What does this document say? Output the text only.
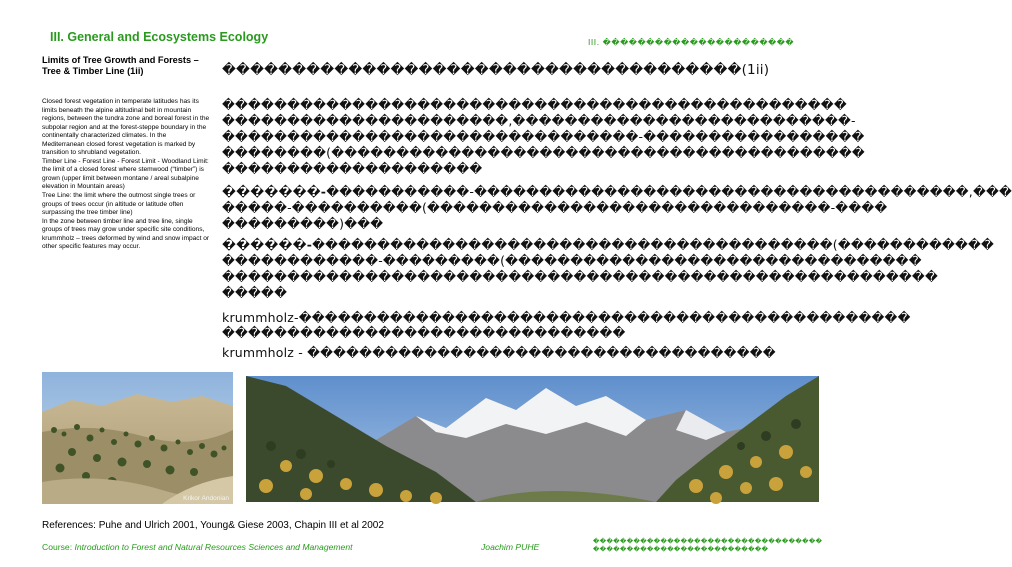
III. General and Ecosystems Ecology	III. ����������������������
Limits of Tree Growth and Forests – Tree & Timber Line (1ii)

Closed forest vegetation in temperate latitudes has its limits beneath the alpine altitudinal belt in mountain regions, between the tundra zone and boreal forest in the subpolar region and at the forest-steppe boundary in the continentally characterized climates. In the Mediterranean closed forest vegetation is marked by transition to shrubland vegetation.

Timber Line - Forest Line - Forest Limit - Woodland Limit: the limit of a closed forest where stemwood (“timber”) is grown (upper limit between montane / areal subalpine elevation in Mountain areas)

Tree Line: the limit where the outmost single trees or groups of trees occur (in altitude or latitude often surpassing the tree timber line)

In the zone between timber line and tree line, single groups of trees may grow under specific site conditions, krummholz – trees deformed by wind and snow impact or other specific features may occur.

�������������������������������������(1ii)
������������������������������������������������
����������������������,��������������������������-
��������������������������������-�����������������
��������(�����������������������������������������
��������������������
�������-�����������-��������������������������������������,���
�����-����������(�������������������������������-����
���������)���
������-����������������������������������������(������������
������������-���������(��������������������������������
�������������������������������������������������������
�����
krummholz-�����������������������������������������������
�������������������������������
krummholz - ������������������������������������
Krikor Andonian
References: Puhe and Ulrich 2001, Young& Giese 2003, Chapin III et al 2002
Course: Introduction to Forest and Natural Resources Sciences and Management	Joachim PUHE
����������������������������������
��������������������������
